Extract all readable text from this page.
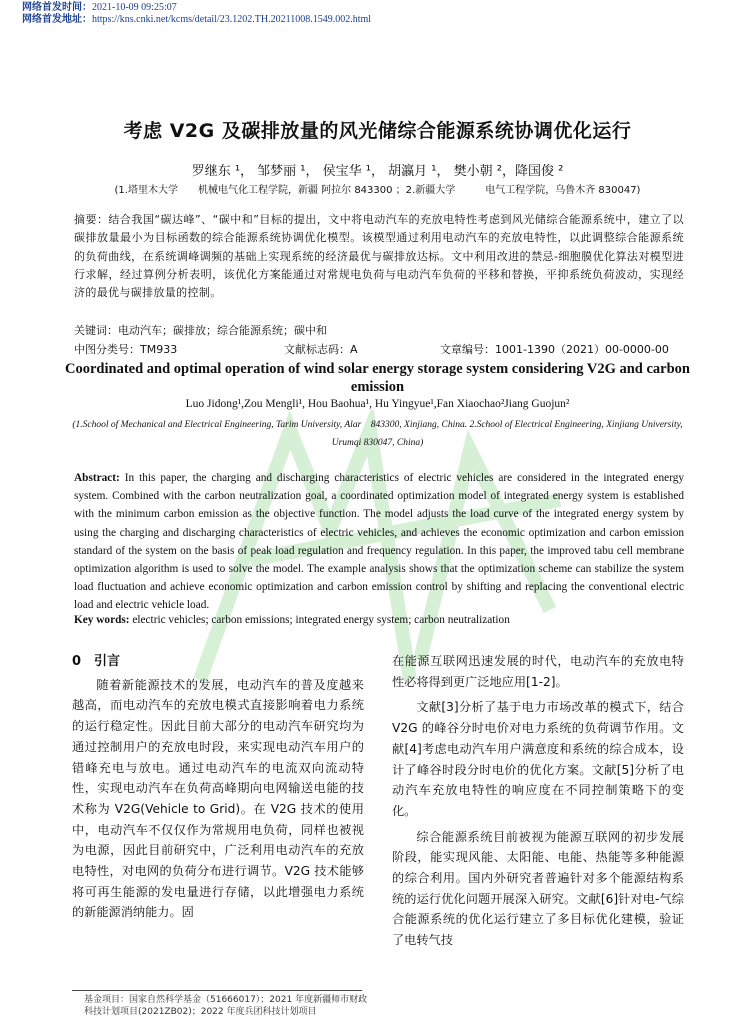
网络首发时间：2021-10-09 09:25:07
网络首发地址：https://kns.cnki.net/kcms/detail/23.1202.TH.20211008.1549.002.html
考虑 V2G 及碳排放量的风光储综合能源系统协调优化运行
罗继东 ¹， 邹梦丽 ¹， 侯宝华 ¹， 胡瀛月 ¹， 樊小朝 ²，降国俊 ²
(1.塔里木大学　　机械电气化工程学院，新疆 阿拉尔 843300 ；2.新疆大学　　　电气工程学院，乌鲁木齐 830047)
摘要：结合我国“碳达峰”、“碳中和”目标的提出，文中将电动汽车的充放电特性考虑到风光储综合能源系统中，建立了以碳排放量最小为目标函数的综合能源系统协调优化模型。该模型通过利用电动汽车的充放电特性，以此调整综合能源系统的负荷曲线，在系统调峰调频的基础上实现系统的经济最优与碳排放达标。文中利用改进的禁忌-细胞膜优化算法对模型进行求解，经过算例分析表明，该优化方案能通过对常规电负荷与电动汽车负荷的平移和替换，平抑系统负荷波动，实现经济的最优与碳排放量的控制。
关键词：电动汽车；碳排放；综合能源系统；碳中和
中图分类号：TM933	文献标志码：A	文章编号：1001-1390（2021）00-0000-00
Coordinated and optimal operation of wind solar energy storage system considering V2G and carbon emission
Luo Jidong¹,Zou Mengli¹, Hou Baohua¹, Hu Yingyue¹,Fan Xiaochao²Jiang Guojun²
(1.School of Mechanical and Electrical Engineering, Tarim University, Alar　843300, Xinjiang, China. 2.School of Electrical Engineering, Xinjiang University, Urumqi 830047, China)
Abstract: In this paper, the charging and discharging characteristics of electric vehicles are considered in the integrated energy system. Combined with the carbon neutralization goal, a coordinated optimization model of integrated energy system is established with the minimum carbon emission as the objective function. The model adjusts the load curve of the integrated energy system by using the charging and discharging characteristics of electric vehicles, and achieves the economic optimization and carbon emission standard of the system on the basis of peak load regulation and frequency regulation. In this paper, the improved tabu cell membrane optimization algorithm is used to solve the model. The example analysis shows that the optimization scheme can stabilize the system load fluctuation and achieve economic optimization and carbon emission control by shifting and replacing the conventional electric load and electric vehicle load.
Key words: electric vehicles; carbon emissions; integrated energy system; carbon neutralization
0　引言

随着新能源技术的发展，电动汽车的普及度越来越高，而电动汽车的充放电模式直接影响着电力系统的运行稳定性。因此目前大部分的电动汽车研究均为通过控制用户的充放电时段，来实现电动汽车用户的错峰充电与放电。通过电动汽车的电流双向流动特性，实现电动汽车在负荷高峰期向电网输送电能的技术称为 V2G(Vehicle to Grid)。在 V2G 技术的使用中，电动汽车不仅仅作为常规用电负荷，同样也被视为电源，因此目前研究中，广泛利用电动汽车的充放电特性，对电网的负荷分布进行调节。V2G 技术能够将可再生能源的发电量进行存储，以此增强电力系统的新能源消纳能力。固

在能源互联网迅速发展的时代，电动汽车的充放电特性必将得到更广泛地应用[1-2]。

文献[3]分析了基于电力市场改革的模式下，结合 V2G 的峰谷分时电价对电力系统的负荷调节作用。文献[4]考虑电动汽车用户满意度和系统的综合成本，设计了峰谷时段分时电价的优化方案。文献[5]分析了电动汽车充放电特性的响应度在不同控制策略下的变化。

综合能源系统目前被视为能源互联网的初步发展阶段，能实现风能、太阳能、电能、热能等多种能源的综合利用。国内外研究者普遍针对多个能源结构系统的运行优化问题开展深入研究。文献[6]针对电-气综合能源系统的优化运行建立了多目标优化建模，验证了电转气技

基金项目：国家自然科学基金（51666017）；2021 年度新疆师市财政科技计划项目(2021ZB02)；2022 年度兵团科技计划项目
